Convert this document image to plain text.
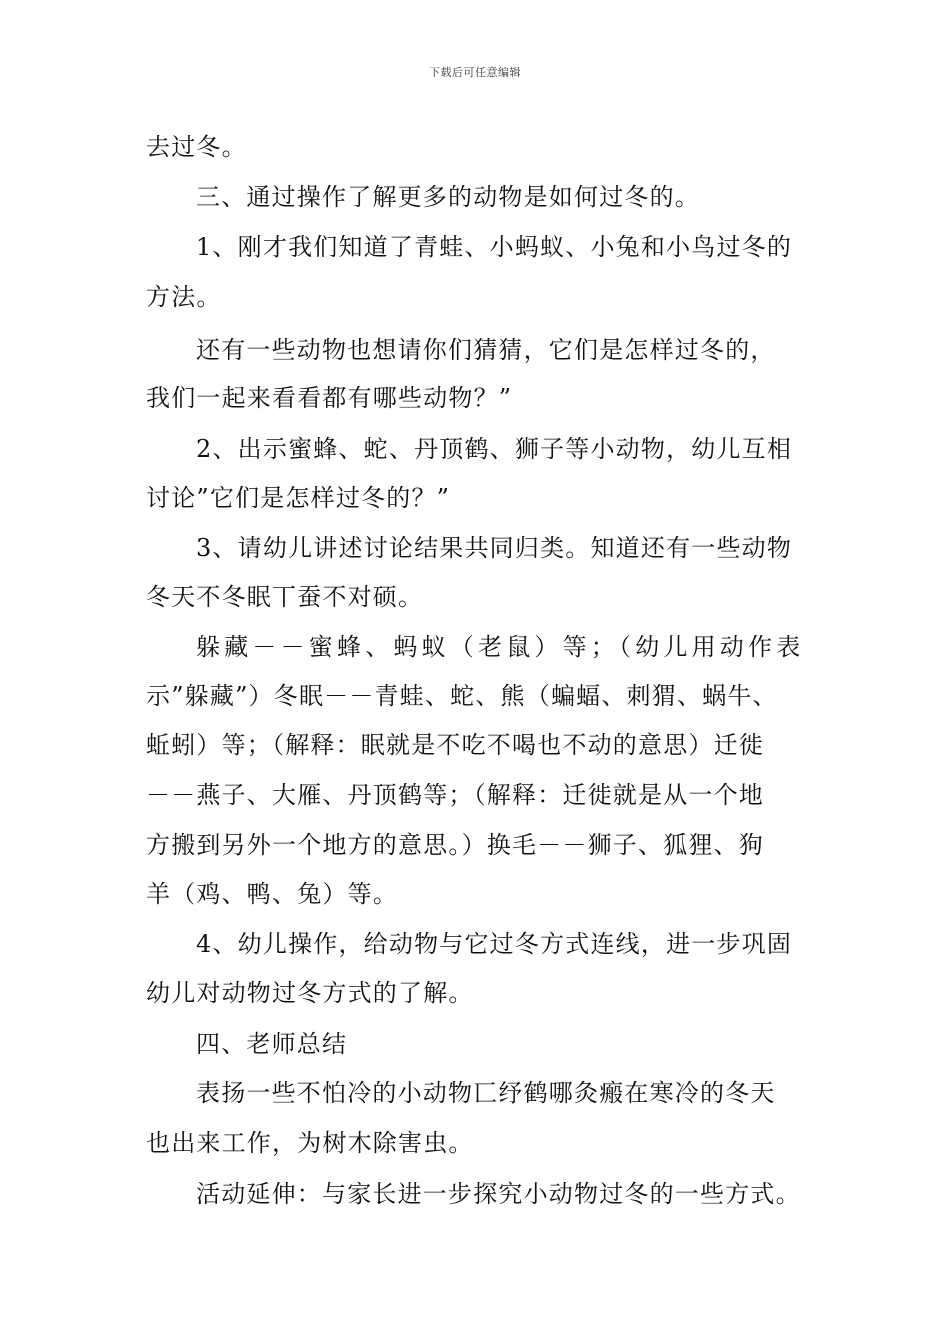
下载后可任意编辑
去过冬。
三、通过操作了解更多的动物是如何过冬的。
1、刚才我们知道了青蛙、小蚂蚁、小兔和小鸟过冬的
方法。
还有一些动物也想请你们猜猜，它们是怎样过冬的，
我们一起来看看都有哪些动物？”
2、出示蜜蜂、蛇、丹顶鹤、狮子等小动物，幼儿互相
讨论”它们是怎样过冬的？”
3、请幼儿讲述讨论结果共同归类。知道还有一些动物
冬天不冬眠丅蚕不对硕。
躲藏－－蜜蜂、蚂蚁（老鼠）等；（幼儿用动作表
示”躲藏”）冬眠－－青蛙、蛇、熊（蝙蝠、刺猬、蜗牛、
蚯蚓）等；（解释：眠就是不吃不喝也不动的意思）迁徙
－－燕子、大雁、丹顶鹤等；（解释：迁徙就是从一个地
方搬到另外一个地方的意思。）换毛－－狮子、狐狸、狗
羊（鸡、鸭、兔）等。
4、幼儿操作，给动物与它过冬方式连线，进一步巩固
幼儿对动物过冬方式的了解。
四、老师总结
表扬一些不怕冷的小动物匸纾鹤哪灸瘢在寒冷的冬天
也出来工作，为树木除害虫。
活动延伸：与家长进一步探究小动物过冬的一些方式。
